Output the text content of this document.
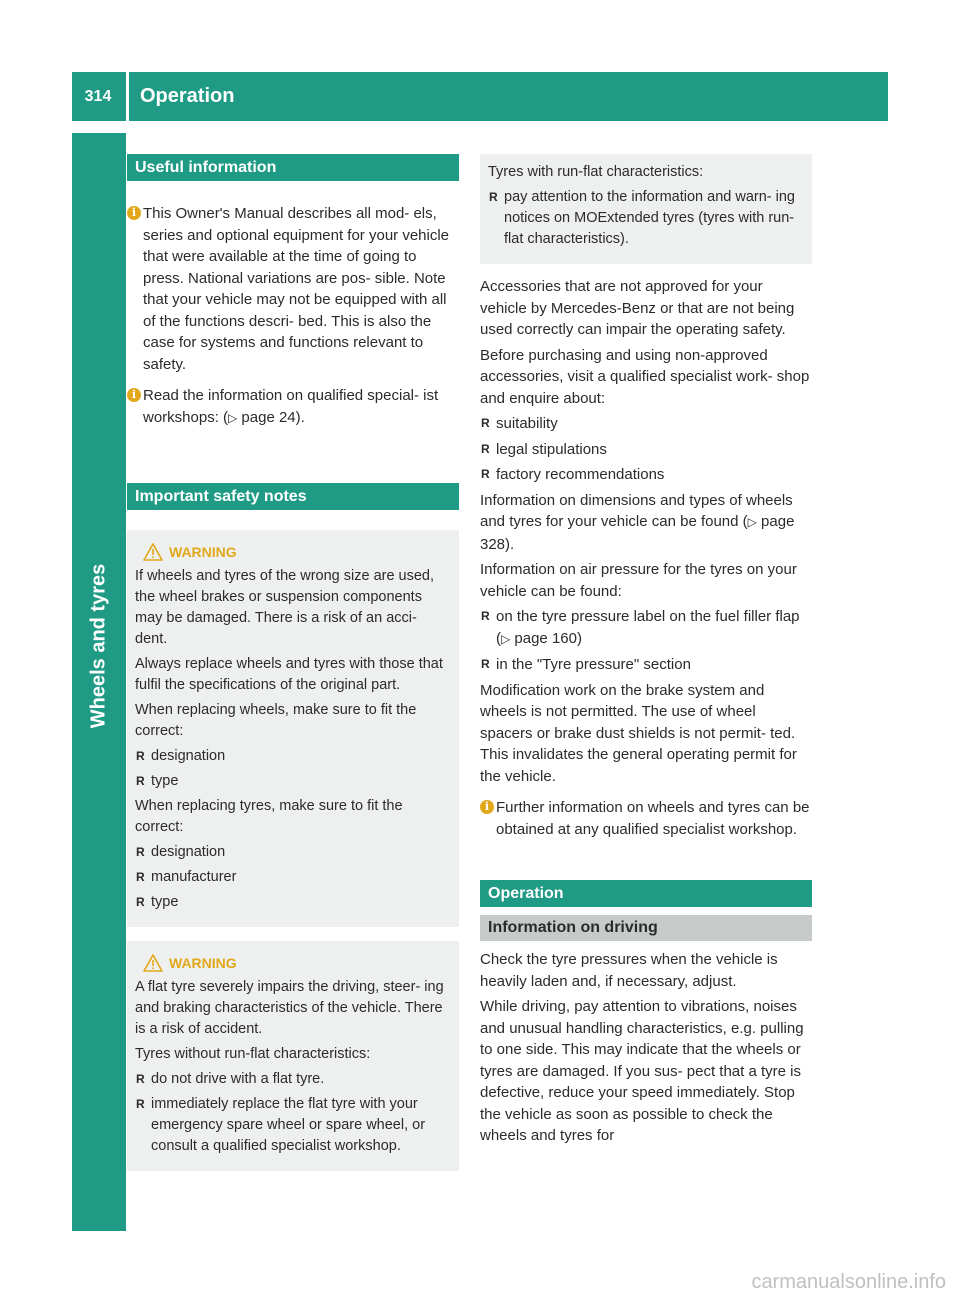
314	Operation
Wheels and tyres
Useful information
i This Owner's Manual describes all mod- els, series and optional equipment for your vehicle that were available at the time of going to press. National variations are pos- sible. Note that your vehicle may not be equipped with all of the functions descri- bed. This is also the case for systems and functions relevant to safety.
i Read the information on qualified special- ist workshops: (▷ page 24).
Important safety notes
WARNING

If wheels and tyres of the wrong size are used, the wheel brakes or suspension components may be damaged. There is a risk of an acci- dent.

Always replace wheels and tyres with those that fulfil the specifications of the original part.

When replacing wheels, make sure to fit the correct:

R designation
R type

When replacing tyres, make sure to fit the correct:

R designation
R manufacturer
R type
WARNING

A flat tyre severely impairs the driving, steer- ing and braking characteristics of the vehicle. There is a risk of accident.

Tyres without run-flat characteristics:

R do not drive with a flat tyre.
R immediately replace the flat tyre with your emergency spare wheel or spare wheel, or consult a qualified specialist workshop.

Tyres with run-flat characteristics:

R pay attention to the information and warn- ing notices on MOExtended tyres (tyres with run-flat characteristics).

Accessories that are not approved for your vehicle by Mercedes-Benz or that are not being used correctly can impair the operating safety.

Before purchasing and using non-approved accessories, visit a qualified specialist work- shop and enquire about:

R suitability
R legal stipulations
R factory recommendations

Information on dimensions and types of wheels and tyres for your vehicle can be found (▷ page 328).

Information on air pressure for the tyres on your vehicle can be found:

R on the tyre pressure label on the fuel filler flap (▷ page 160)
R in the "Tyre pressure" section

Modification work on the brake system and wheels is not permitted. The use of wheel spacers or brake dust shields is not permit- ted. This invalidates the general operating permit for the vehicle.

i Further information on wheels and tyres can be obtained at any qualified specialist workshop.
Operation
Information on driving

Check the tyre pressures when the vehicle is heavily laden and, if necessary, adjust.

While driving, pay attention to vibrations, noises and unusual handling characteristics, e.g. pulling to one side. This may indicate that the wheels or tyres are damaged. If you sus- pect that a tyre is defective, reduce your speed immediately. Stop the vehicle as soon as possible to check the wheels and tyres for

carmanualsonline.info
